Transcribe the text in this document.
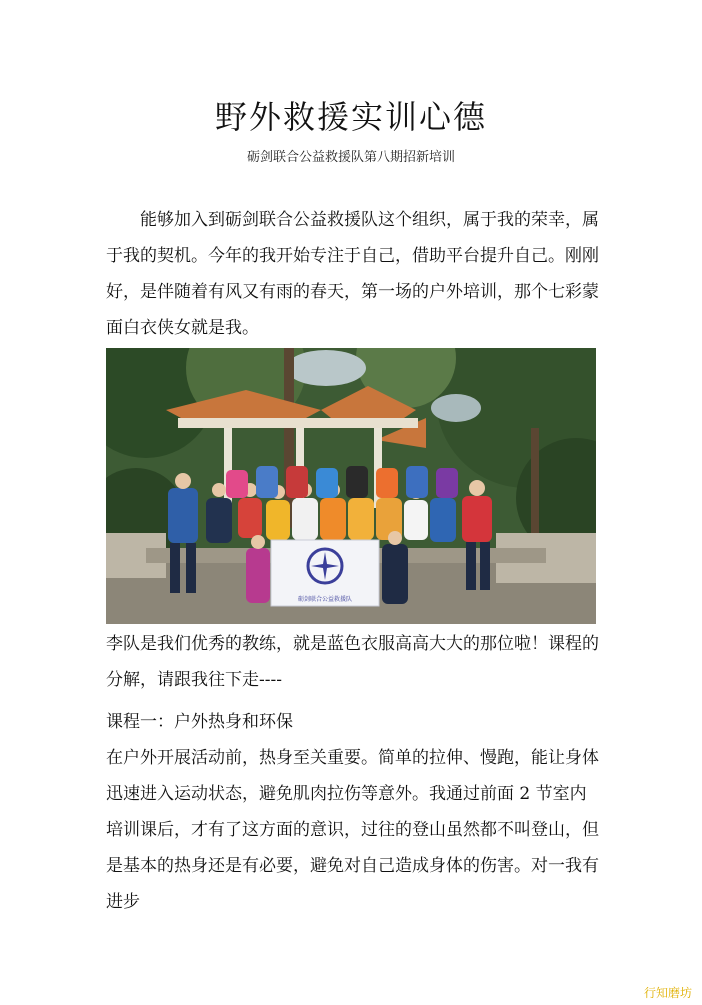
野外救援实训心德
砺剑联合公益救援队第八期招新培训

能够加入到砺剑联合公益救援队这个组织，属于我的荣幸，属于我的契机。今年的我开始专注于自己，借助平台提升自己。刚刚好，是伴随着有风又有雨的春天，第一场的户外培训，那个七彩蒙面白衣侠女就是我。

砺剑联合公益救援队

李队是我们优秀的教练，就是蓝色衣服高高大大的那位啦！课程的分解，请跟我往下走----

课程一：户外热身和环保

在户外开展活动前，热身至关重要。简单的拉伸、慢跑，能让身体迅速进入运动状态，避免肌肉拉伤等意外。我通过前面 2 节室内培训课后，才有了这方面的意识，过往的登山虽然都不叫登山，但是基本的热身还是有必要，避免对自己造成身体的伤害。对一我有进步

行知磨坊
